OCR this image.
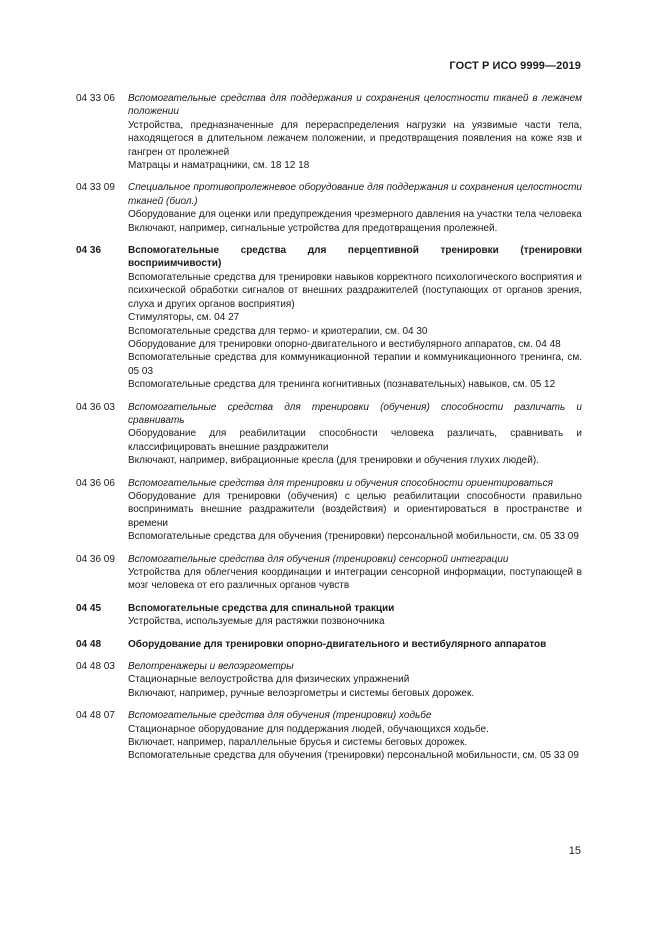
ГОСТ Р ИСО 9999—2019
04 33 06	Вспомогательные средства для поддержания и сохранения целостности тканей в лежачем положении
Устройства, предназначенные для перераспределения нагрузки на уязвимые части тела, находящегося в длительном лежачем положении, и предотвращения появления на коже язв и гангрен от пролежней
Матрацы и наматрацники, см. 18 12 18
04 33 09	Специальное противопролежневое оборудование для поддержания и сохранения целостности тканей (биол.)
Оборудование для оценки или предупреждения чрезмерного давления на участки тела человека
Включают, например, сигнальные устройства для предотвращения пролежней.
04 36	Вспомогательные средства для перцептивной тренировки (тренировки восприимчивости)
Вспомогательные средства для тренировки навыков корректного психологического восприятия и психической обработки сигналов от внешних раздражителей (поступающих от органов зрения, слуха и других органов восприятия)
Стимуляторы, см. 04 27
Вспомогательные средства для термо- и криотерапии, см. 04 30
Оборудование для тренировки опорно-двигательного и вестибулярного аппаратов, см. 04 48
Вспомогательные средства для коммуникационной терапии и коммуникационного тренинга, см. 05 03
Вспомогательные средства для тренинга когнитивных (познавательных) навыков, см. 05 12
04 36 03	Вспомогательные средства для тренировки (обучения) способности различать и сравнивать
Оборудование для реабилитации способности человека различать, сравнивать и классифицировать внешние раздражители
Включают, например, вибрационные кресла (для тренировки и обучения глухих людей).
04 36 06	Вспомогательные средства для тренировки и обучения способности ориентироваться
Оборудование для тренировки (обучения) с целью реабилитации способности правильно воспринимать внешние раздражители (воздействия) и ориентироваться в пространстве и времени
Вспомогательные средства для обучения (тренировки) персональной мобильности, см. 05 33 09
04 36 09	Вспомогательные средства для обучения (тренировки) сенсорной интеграции
Устройства для облегчения координации и интеграции сенсорной информации, поступающей в мозг человека от его различных органов чувств
04 45	Вспомогательные средства для спинальной тракции
Устройства, используемые для растяжки позвоночника
04 48	Оборудование для тренировки опорно-двигательного и вестибулярного аппаратов
04 48 03	Велотренажеры и велоэргометры
Стационарные велоустройства для физических упражнений
Включают, например, ручные велоэргометры и системы беговых дорожек.
04 48 07	Вспомогательные средства для обучения (тренировки) ходьбе
Стационарное оборудование для поддержания людей, обучающихся ходьбе.
Включает, например, параллельные брусья и системы беговых дорожек.
Вспомогательные средства для обучения (тренировки) персональной мобильности, см. 05 33 09
15
